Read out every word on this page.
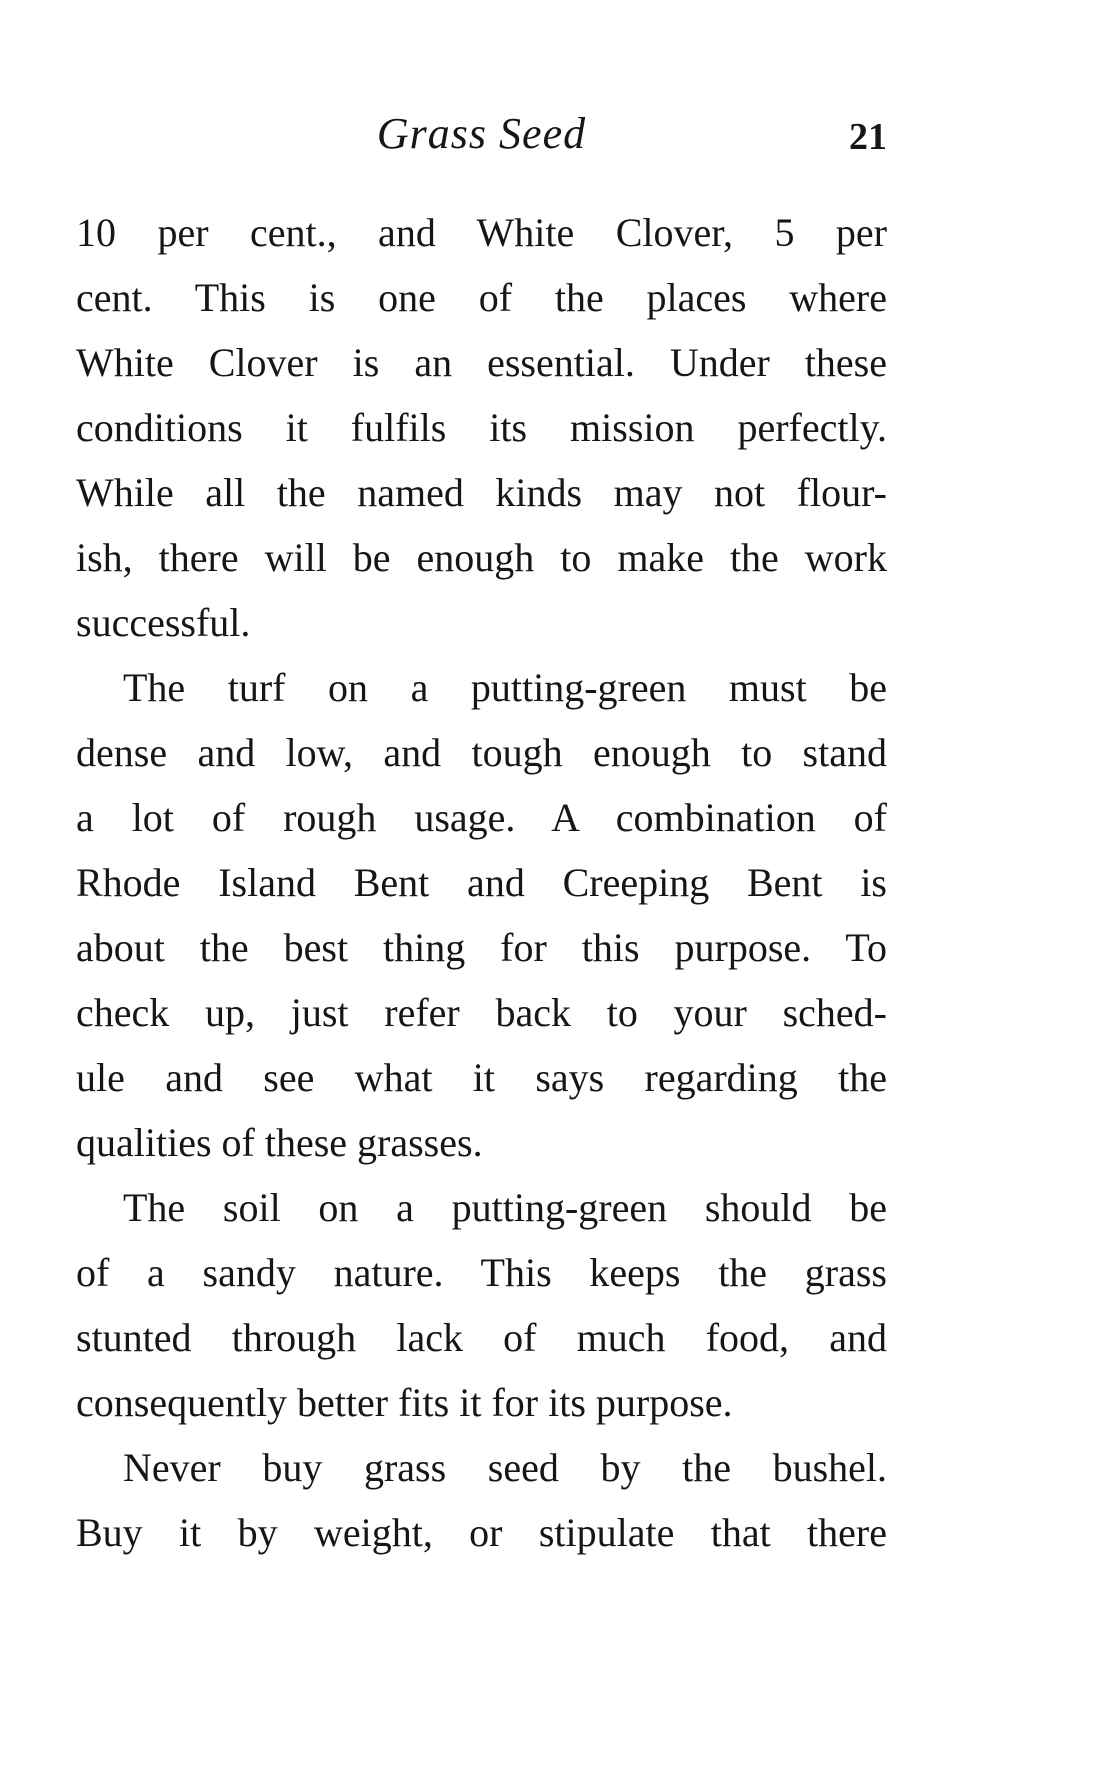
Grass Seed	21
10 per cent., and White Clover, 5 per
cent. This is one of the places where
White Clover is an essential. Under these
conditions it fulfils its mission perfectly.
While all the named kinds may not flour-
ish, there will be enough to make the work
successful.
The turf on a putting-green must be
dense and low, and tough enough to stand
a lot of rough usage. A combination of
Rhode Island Bent and Creeping Bent is
about the best thing for this purpose. To
check up, just refer back to your sched-
ule and see what it says regarding the
qualities of these grasses.
The soil on a putting-green should be
of a sandy nature. This keeps the grass
stunted through lack of much food, and
consequently better fits it for its purpose.
Never buy grass seed by the bushel.
Buy it by weight, or stipulate that there
